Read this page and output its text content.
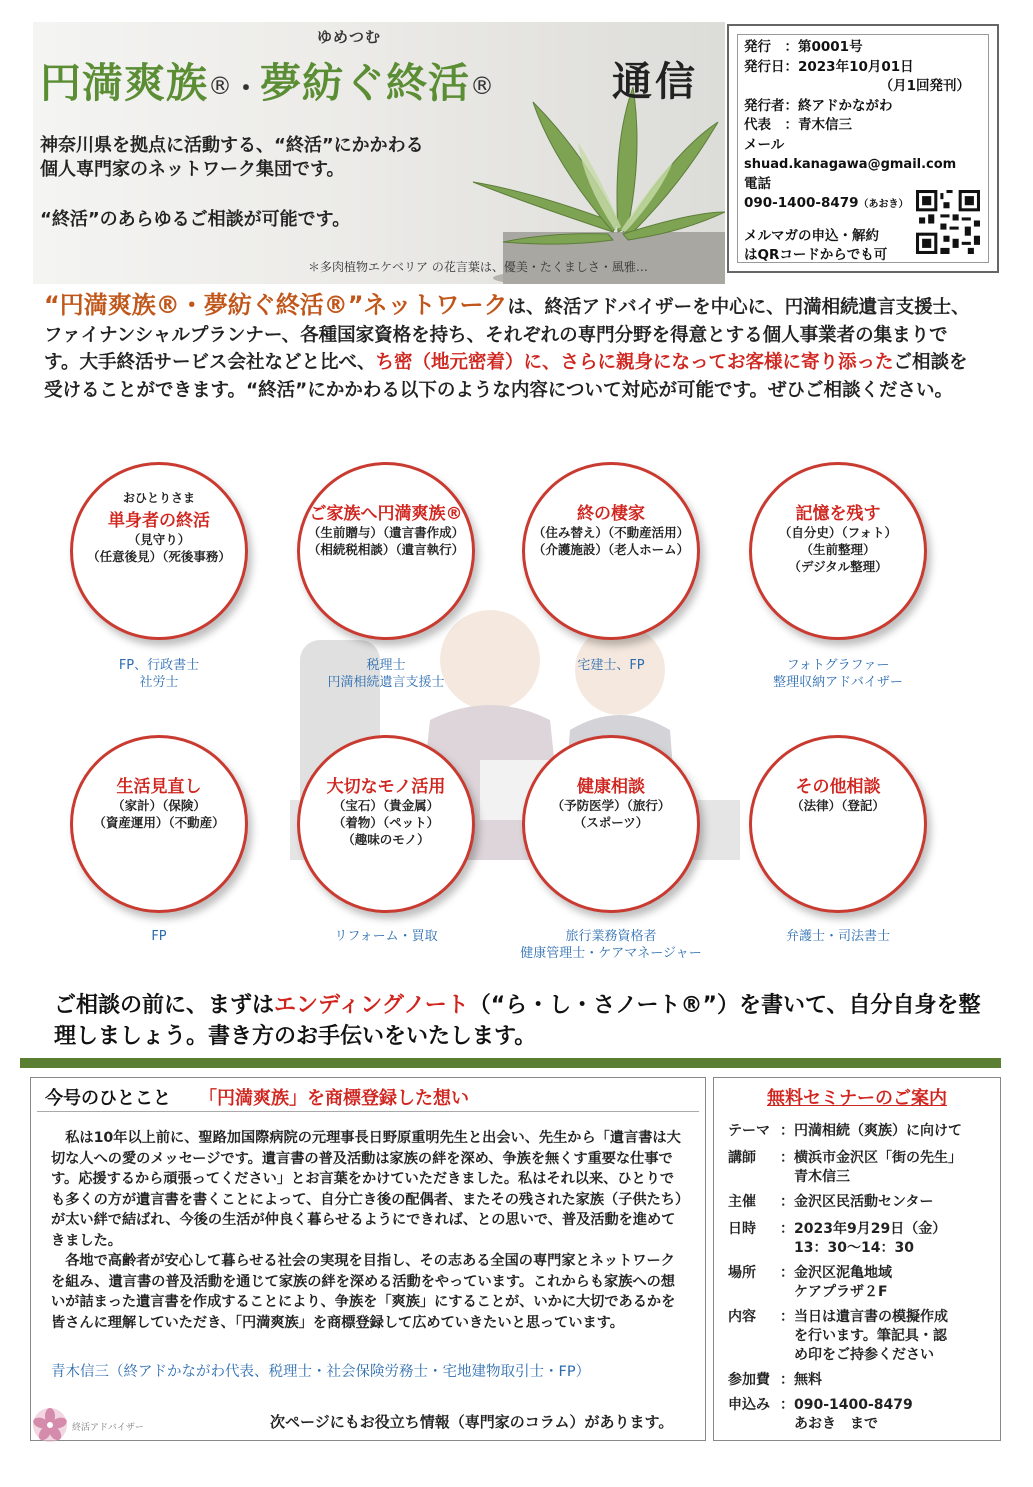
ゆめつむ
円満爽族®・夢紡ぐ終活®	通信
神奈川県を拠点に活動する、“終活”にかかわる
個人専門家のネットワーク集団です。
“終活”のあらゆるご相談が可能です。
＊多肉植物エケベリア の花言葉は、優美・たくましさ・風雅…
発行　：第0001号
発行日：2023年10月01日
（月1回発刊）
発行者：終アドかながわ
代表　：青木信三
メール
shuad.kanagawa@gmail.com
電話
090-1400-8479（あおき）
メルマガの申込・解約
はQRコードからでも可
“円満爽族®・夢紡ぐ終活®”ネットワークは、終活アドバイザーを中心に、円満相続遺言支援士、ファイナンシャルプランナー、各種国家資格を持ち、それぞれの専門分野を得意とする個人事業者の集まりです。大手終活サービス会社などと比べ、ち密（地元密着）に、さらに親身になってお客様に寄り添ったご相談を受けることができます。“終活”にかかわる以下のような内容について対応が可能です。ぜひご相談ください。
おひとりさま
単身者の終活
（見守り）
（任意後見）（死後事務）
FP、行政書士
社労士
ご家族へ円満爽族®
（生前贈与）（遺言書作成）
（相続税相談）（遺言執行）
税理士
円満相続遺言支援士
終の棲家
（住み替え）（不動産活用）
（介護施設）（老人ホーム）
宅建士、FP
記憶を残す
（自分史）（フォト）
（生前整理）
（デジタル整理）
フォトグラファー
整理収納アドバイザー
生活見直し
（家計）（保険）
（資産運用）（不動産）
FP
大切なモノ活用
（宝石）（貴金属）
（着物）（ペット）
（趣味のモノ）
リフォーム・買取
健康相談
（予防医学）（旅行）
（スポーツ）
旅行業務資格者
健康管理士・ケアマネージャー
その他相談
（法律）（登記）
弁護士・司法書士
ご相談の前に、まずはエンディングノート（“ら・し・さノート®”）を書いて、自分自身を整理しましょう。書き方のお手伝いをいたします。
今号のひとこと 「円満爽族」を商標登録した想い

私は10年以上前に、聖路加国際病院の元理事長日野原重明先生と出会い、先生から「遺言書は大切な人への愛のメッセージです。遺言書の普及活動は家族の絆を深め、争族を無くす重要な仕事です。応援するから頑張ってください」とお言葉をかけていただきました。私はそれ以来、ひとりでも多くの方が遺言書を書くことによって、自分亡き後の配偶者、またその残された家族（子供たち）が太い絆で結ばれ、今後の生活が仲良く暮らせるようにできれば、との思いで、普及活動を進めてきました。

各地で高齢者が安心して暮らせる社会の実現を目指し、その志ある全国の専門家とネットワークを組み、遺言書の普及活動を通じて家族の絆を深める活動をやっています。これからも家族への想いが詰まった遺言書を作成することにより、争族を「爽族」にすることが、いかに大切であるかを皆さんに理解していただき、「円満爽族」を商標登録して広めていきたいと思っています。

青木信三（終アドかながわ代表、税理士・社会保険労務士・宅地建物取引士・FP）
無料セミナーのご案内
テーマ ：円満相続（爽族）に向けて
講師	：横浜市金沢区「街の先生」
　青木信三
主催	：金沢区民活動センター
日時	：2023年9月29日（金）
　13：30～14：30
場所	：金沢区泥亀地域
　ケアプラザ２F
内容	：当日は遺言書の模擬作成
　を行います。筆記具・認
　め印をご持参ください
参加費 ：無料
申込み ：090-1400-8479
　あおき　まで
終活アドバイザー	次ページにもお役立ち情報（専門家のコラム）があります。
